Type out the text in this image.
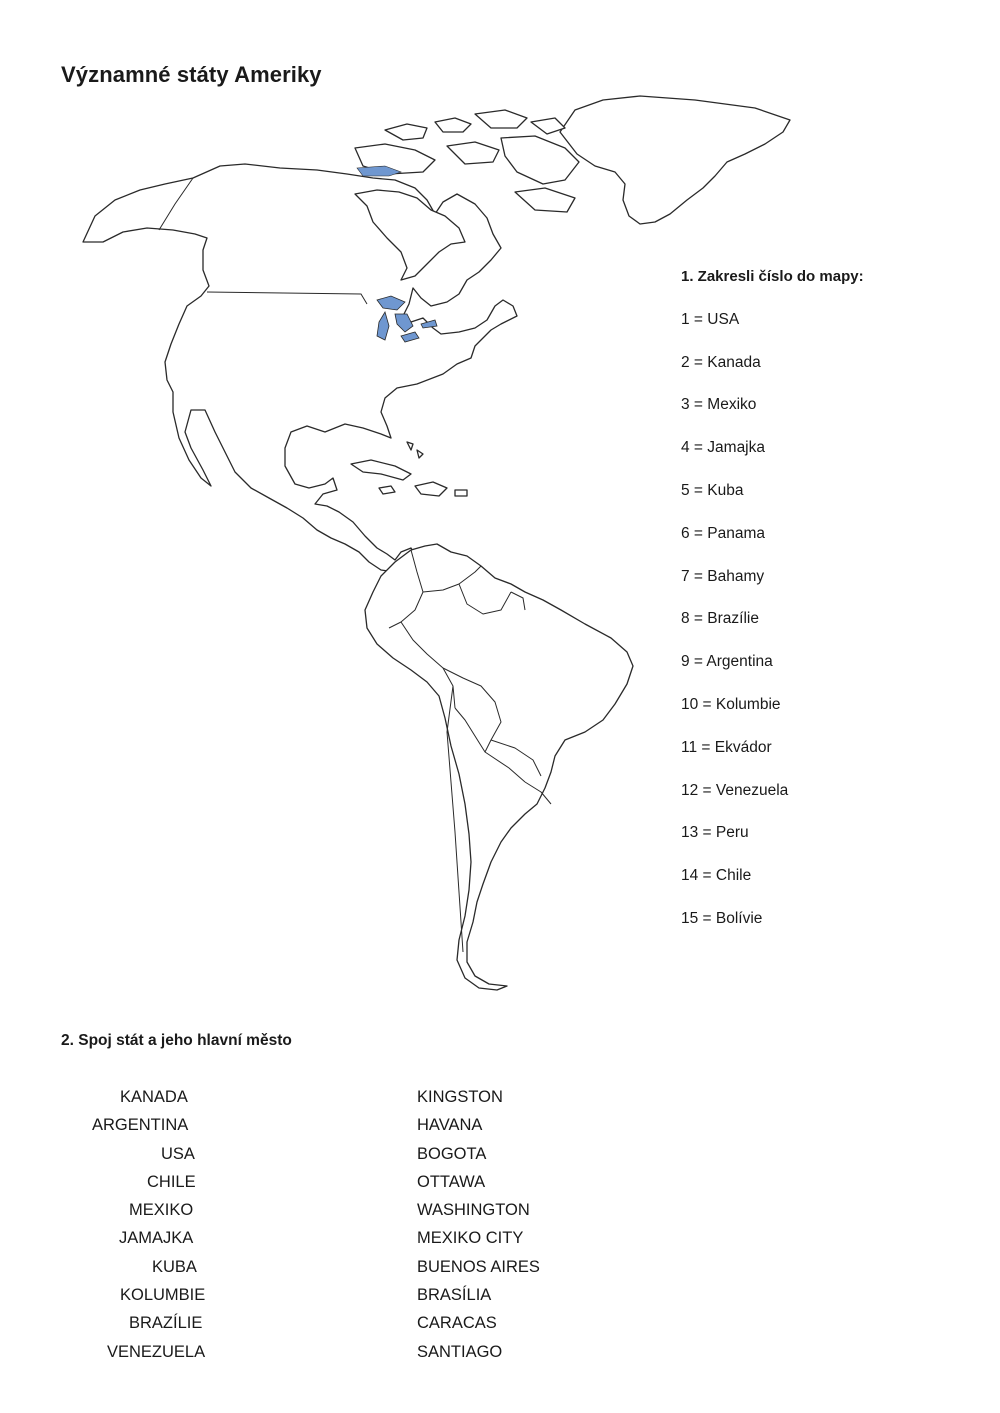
Významné státy Ameriky
1. Zakresli číslo do mapy:
1 = USA
2 = Kanada
3 = Mexiko
4 = Jamajka
5 = Kuba
6 = Panama
7 = Bahamy
8 = Brazílie
9 = Argentina
10 = Kolumbie
11 = Ekvádor
12 = Venezuela
13 = Peru
14 = Chile
15 = Bolívie
2. Spoj stát a jeho hlavní město
KANADA
ARGENTINA
USA
CHILE
MEXIKO
JAMAJKA
KUBA
KOLUMBIE
BRAZÍLIE
VENEZUELA
KINGSTON
HAVANA
BOGOTA
OTTAWA
WASHINGTON
MEXIKO CITY
BUENOS AIRES
BRASÍLIA
CARACAS
SANTIAGO
